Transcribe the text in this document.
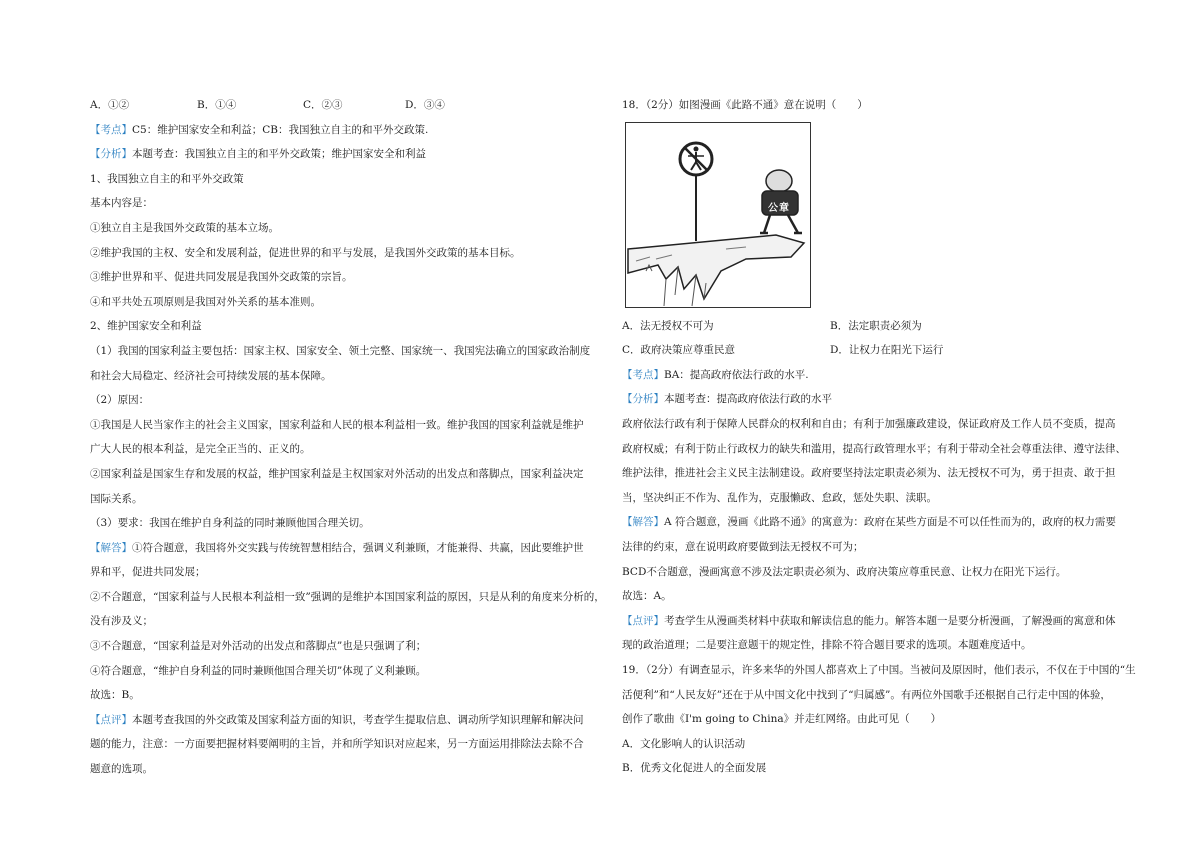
A．①②	B．①④	C．②③	D．③④
【考点】C5：维护国家安全和利益；CB：我国独立自主的和平外交政策.
【分析】本题考查：我国独立自主的和平外交政策；维护国家安全和利益
1、我国独立自主的和平外交政策
基本内容是：
①独立自主是我国外交政策的基本立场。
②维护我国的主权、安全和发展利益，促进世界的和平与发展，是我国外交政策的基本目标。
③维护世界和平、促进共同发展是我国外交政策的宗旨。
④和平共处五项原则是我国对外关系的基本准则。
2、维护国家安全和利益
（1）我国的国家利益主要包括：国家主权、国家安全、领土完整、国家统一、我国宪法确立的国家政治制度
和社会大局稳定、经济社会可持续发展的基本保障。
（2）原因：
①我国是人民当家作主的社会主义国家，国家利益和人民的根本利益相一致。维护我国的国家利益就是维护
广大人民的根本利益，是完全正当的、正义的。
②国家利益是国家生存和发展的权益，维护国家利益是主权国家对外活动的出发点和落脚点，国家利益决定
国际关系。
（3）要求：我国在维护自身利益的同时兼顾他国合理关切。
【解答】①符合题意，我国将外交实践与传统智慧相结合，强调义利兼顾，才能兼得、共赢，因此要维护世
界和平，促进共同发展；
②不合题意，“国家利益与人民根本利益相一致”强调的是维护本国国家利益的原因，只是从利的角度来分析的，
没有涉及义；
③不合题意，“国家利益是对外活动的出发点和落脚点”也是只强调了利；
④符合题意，“维护自身利益的同时兼顾他国合理关切”体现了义利兼顾。
故选：B。
【点评】本题考查我国的外交政策及国家利益方面的知识，考查学生提取信息、调动所学知识理解和解决问
题的能力，注意：一方面要把握材料要阐明的主旨，并和所学知识对应起来，另一方面运用排除法去除不合
题意的选项。
18．（2分）如图漫画《此路不通》意在说明（　　）
公章
A．法无授权不可为	B．法定职责必须为
C．政府决策应尊重民意	D．让权力在阳光下运行
【考点】BA：提高政府依法行政的水平.
【分析】本题考查：提高政府依法行政的水平
政府依法行政有利于保障人民群众的权利和自由；有利于加强廉政建设，保证政府及工作人员不变质，提高
政府权威；有利于防止行政权力的缺失和滥用，提高行政管理水平；有利于带动全社会尊重法律、遵守法律、
维护法律，推进社会主义民主法制建设。政府要坚持法定职责必须为、法无授权不可为，勇于担责、敢于担
当，坚决纠正不作为、乱作为，克服懒政、怠政，惩处失职、渎职。
【解答】A 符合题意，漫画《此路不通》的寓意为：政府在某些方面是不可以任性而为的，政府的权力需要
法律的约束，意在说明政府要做到法无授权不可为；
BCD不合题意，漫画寓意不涉及法定职责必须为、政府决策应尊重民意、让权力在阳光下运行。
故选：A。
【点评】考查学生从漫画类材料中获取和解读信息的能力。解答本题一是要分析漫画，了解漫画的寓意和体
现的政治道理；二是要注意题干的规定性，排除不符合题目要求的选项。本题难度适中。
19．（2分）有调查显示，许多来华的外国人都喜欢上了中国。当被问及原因时，他们表示，不仅在于中国的“生
活便利”和“人民友好”还在于从中国文化中找到了“归属感”。有两位外国歌手还根据自己行走中国的体验，
创作了歌曲《I'm going to China》并走红网络。由此可见（　　）
A．文化影响人的认识活动
B．优秀文化促进人的全面发展
